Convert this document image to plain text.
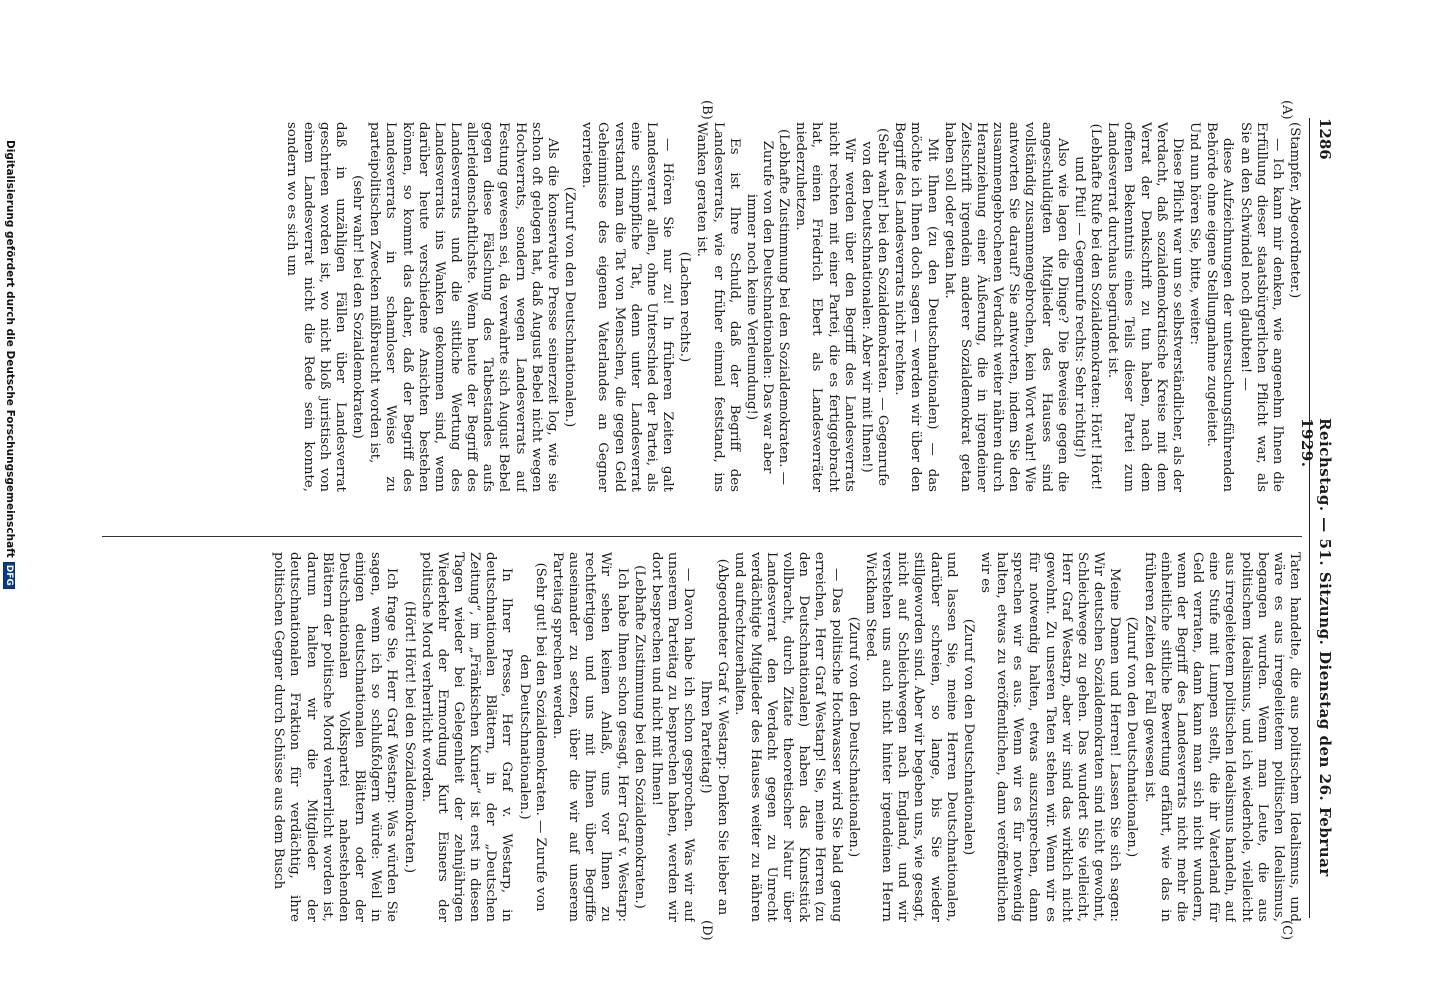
1286
Reichstag. — 51. Sitzung. Dienstag den 26. Februar 1929.
(A)
(B)
(C)
(D)

(Stampfer, Abgeordneter.)

— Ich kann mir denken, wie angenehm Ihnen die Erfüllung dieser staatsbürgerlichen Pflicht war, als Sie an den Schwindel noch glaubten! —

diese Aufzeichnungen der untersuchungsführenden Behörde ohne eigene Stellungnahme zugeleitet.

Und nun hören Sie, bitte, weiter:

Diese Pflicht war um so selbstverständlicher, als der Verdacht, daß sozialdemokratische Kreise mit dem Verrat der Denkschrift zu tun haben, nach dem offenen Bekenntnis eines Teils dieser Partei zum Landesverrat durchaus begründet ist.

(Lebhafte Rufe bei den Sozialdemokraten: Hört! Hört! und Pfui! — Gegenrufe rechts: Sehr richtig!)

Also wie lagen die Dinge? Die Beweise gegen die angeschuldigten Mitglieder des Hauses sind vollständig zusammengebrochen, kein Wort wahr! Wie antworten Sie darauf? Sie antworten, indem Sie den zusammengebrochenen Verdacht weiter nähren durch Heranziehung einer Äußerung, die in irgendeiner Zeitschrift irgendein anderer Sozialdemokrat getan haben soll oder getan hat.

Mit Ihnen (zu den Deutschnationalen) — das möchte ich Ihnen doch sagen — werden wir über den Begriff des Landesverrats nicht rechten.

(Sehr wahr! bei den Sozialdemokraten. — Gegenrufe von den Deutschnationalen: Aber wir mit Ihnen!)

Wir werden über den Begriff des Landesverrats nicht rechten mit einer Partei, die es fertiggebracht hat, einen Friedrich Ebert als Landesverräter niederzuhetzen.

(Lebhafte Zustimmung bei den Sozialdemokraten. — Zurufe von den Deutschnationalen: Das war aber immer noch keine Verleumdung!)

Es ist Ihre Schuld, daß der Begriff des Landesverrats, wie er früher einmal feststand, ins Wanken geraten ist.

(Lachen rechts.)

— Hören Sie nur zu! In früheren Zeiten galt Landesverrat allen, ohne Unterschied der Partei, als eine schimpfliche Tat, denn unter Landesverrat verstand man die Tat von Menschen, die gegen Geld Geheimnisse des eigenen Vaterlandes an Gegner verrieten.

(Zuruf von den Deutschnationalen.)

Als die konservative Presse seinerzeit log, wie sie schon oft gelogen hat, daß August Bebel nicht wegen Hochverrats, sondern wegen Landesverrats auf Festung gewesen sei, da verwahrte sich August Bebel gegen diese Fälschung des Tatbestandes aufs allerleidenschaftlichste. Wenn heute der Begriff des Landesverrats und die sittliche Wertung des Landesverrats ins Wanken gekommen sind, wenn darüber heute verschiedene Ansichten bestehen können, so kommt das daher, daß der Begriff des Landesverrats in schamloser Weise zu parteipolitischen Zwecken mißbraucht worden ist,

(sehr wahr! bei den Sozialdemokraten)

daß in unzähligen Fällen über Landesverrat geschrieen worden ist, wo nicht bloß juristisch von einem Landesverrat nicht die Rede sein konnte, sondern wo es sich um

Taten handelte, die aus politischem Idealismus, und wäre es aus irregeleitetem politischen Idealismus, begangen wurden. Wenn man Leute, die aus politischem Idealismus, und ich wiederhole, vielleicht aus irregeleitetem politischen Idealismus handeln, auf eine Stufe mit Lumpen stellt, die ihr Vaterland für Geld verraten, dann kann man sich nicht wundern, wenn der Begriff des Landesverrats nicht mehr die einheitliche sittliche Bewertung erfährt, wie das in früheren Zeiten der Fall gewesen ist.

(Zuruf von den Deutschnationalen.)

Meine Damen und Herren! Lassen Sie sich sagen: Wir deutschen Sozialdemokraten sind nicht gewohnt, Schleichwege zu gehen. Das wundert Sie vielleicht, Herr Graf Westarp, aber wir sind das wirklich nicht gewohnt. Zu unseren Taten stehen wir. Wenn wir es für notwendig halten, etwas auszusprechen, dann sprechen wir es aus. Wenn wir es für notwendig halten, etwas zu veröffentlichen, dann veröffentlichen wir es

(Zuruf von den Deutschnationalen)

und lassen Sie, meine Herren Deutschnationalen, darüber schreien, so lange, bis Sie wieder stillgeworden sind. Aber wir begeben uns, wie gesagt, nicht auf Schleichwegen nach England, und wir verstehen uns auch nicht hinter irgendeinen Herrn Wickham Steed.

(Zuruf von den Deutschnationalen.)

— Das politische Hochwasser wird Sie bald genug erreichen, Herr Graf Westarp! Sie, meine Herren (zu den Deutschnationalen) haben das Kunststück vollbracht, durch Zitate theoretischer Natur über Landesverrat den Verdacht gegen zu Unrecht verdächtigte Mitglieder des Hauses weiter zu nähren und aufrechtzuerhalten.

(Abgeordneter Graf v. Westarp: Denken Sie lieber an Ihren Parteitag!)

— Davon habe ich schon gesprochen. Was wir auf unserem Parteitag zu besprechen haben, werden wir dort besprechen und nicht mit Ihnen!

(Lebhafte Zustimmung bei den Sozialdemokraten.)

Ich habe Ihnen schon gesagt, Herr Graf v. Westarp: Wir sehen keinen Anlaß, uns vor Ihnen zu rechtfertigen und uns mit Ihnen über Begriffe auseinander zu setzen, über die wir auf unserem Parteitag sprechen werden.

(Sehr gut! bei den Sozialdemokraten. — Zurufe von den Deutschnationalen.)

In Ihrer Presse, Herr Graf v. Westarp, in deutschnationalen Blättern, in der „Deutschen Zeitung“, im „Fränkischen Kurier“ ist erst in diesen Tagen wieder bei Gelegenheit der zehnjährigen Wiederkehr der Ermordung Kurt Eisners der politische Mord verherrlicht worden.

(Hört! Hört! bei den Sozialdemokraten.)

Ich frage Sie, Herr Graf Westarp: Was würden Sie sagen, wenn ich so schlußfolgern würde: Weil in einigen deutschnationalen Blättern oder der Deutschnationalen Volkspartei nahestehenden Blättern der politische Mord verherrlicht worden ist, darum halten wir die Mitglieder der deutschnationalen Fraktion für verdächtig, ihre politischen Gegner durch Schüsse aus dem Busch

Digitalisierung gefördert durch die Deutsche ForschungsgemeinschaftDFG
